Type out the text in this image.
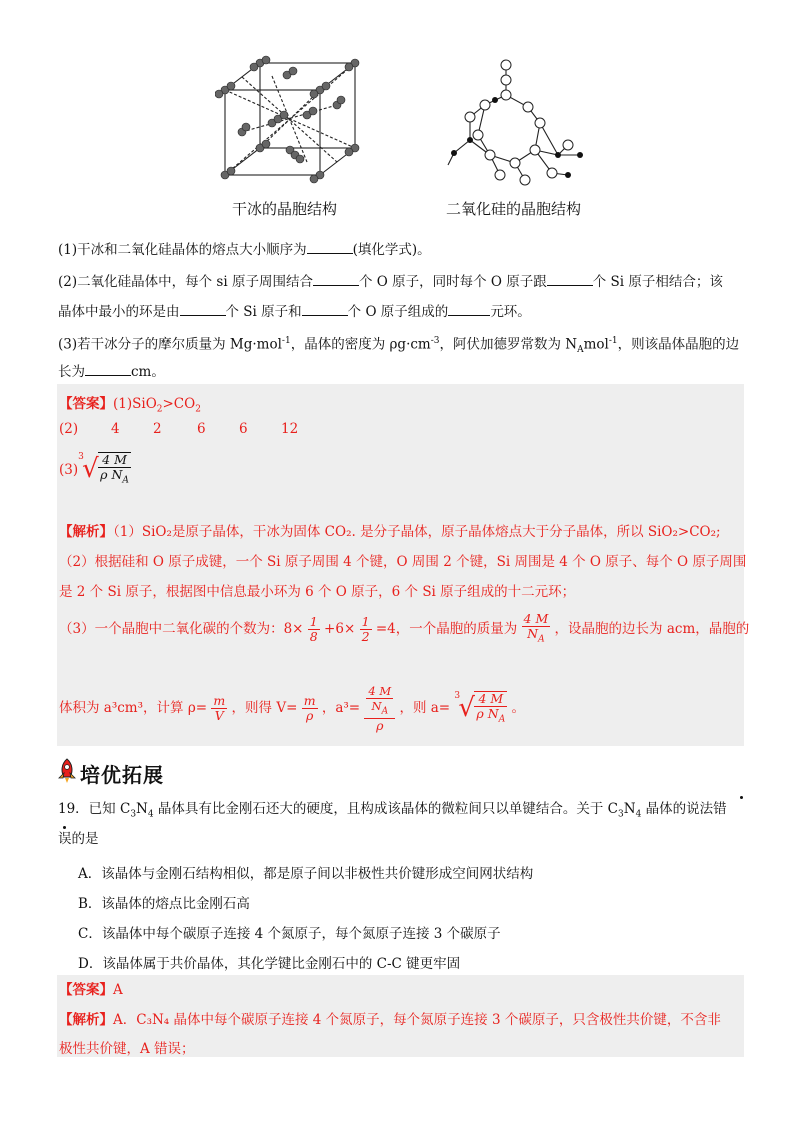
干冰的晶胞结构	二氧化硅的晶胞结构
(1)干冰和二氧化硅晶体的熔点大小顺序为	(填化学式)。
(2)二氧化硅晶体中，每个 si 原子周围结合	个 O 原子，同时每个 O 原子跟	个 Si 原子相结合；该
晶体中最小的环是由	个 Si 原子和	个 O 原子组成的	元环。
(3)若干冰分子的摩尔质量为 Mg·mol$^{-1}$，晶体的密度为 $\rho g\cdot cm^{-3}$，阿伏加德罗常数为 $N_Amol^{-1}$，则该晶体晶胞的边
长为	cm。
【答案】$(1)SiO_2>CO_2$
(2) 4 2	6 6 12
(3)
3
√ $\frac{4 M}{\rho N_A}$
【解析】（1）SiO₂是原子晶体，干冰为固体 CO₂. 是分子晶体，原子晶体熔点大于分子晶体，所以 SiO₂>CO₂;
（2）根据硅和 O 原子成键，一个 Si 原子周围 4 个键，O 周围 2 个键，Si 周围是 4 个 O 原子、每个 O 原子周围
是 2 个 Si 原子，根据图中信息最小环为 6 个 O 原子，6 个 Si 原子组成的十二元环；
（3）一个晶胞中二氧化碳的个数为：$8\times \frac{1}{8} +6\times \frac{1}{2} =4$，一个晶胞的质量为 $\frac{4 M}{N_A}$ ，设晶胞的边长为 acm，晶胞的
体积为 a³cm³，计算 $\rho= \frac{m}{V}$ ，则得 $V= \frac{m}{\rho}$ ，$a^3= \frac{\frac{4 M}{N_A}}{\rho}$ ，则 a=
3
√ $\frac{4 M}{\rho N_A}$ 。
培优拓展
19．已知 $C_3N_4$ 晶体具有比金刚石还大的硬度，且构成该晶体的微粒间只以单键结合。关于 $C_3N_4$ 晶体的说法错
误的是
A．该晶体与金刚石结构相似，都是原子间以非极性共价键形成空间网状结构
B．该晶体的熔点比金刚石高
C．该晶体中每个碳原子连接 4 个氮原子，每个氮原子连接 3 个碳原子
D．该晶体属于共价晶体，其化学键比金刚石中的 C-C 键更牢固
【答案】A
【解析】A．C₃N₄ 晶体中每个碳原子连接 4 个氮原子，每个氮原子连接 3 个碳原子，只含极性共价键，不含非
极性共价键，A 错误；
